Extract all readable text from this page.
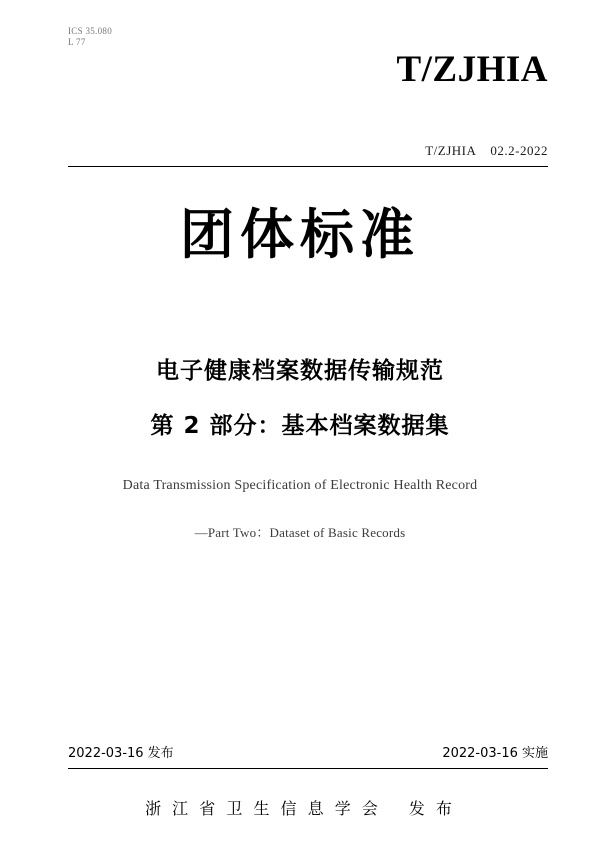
ICS 35.080
L 77
T/ZJHIA
T/ZJHIA 02.2-2022
团体标准
电子健康档案数据传输规范
第 2 部分：基本档案数据集
Data Transmission Specification of Electronic Health Record
—Part Two：Dataset of Basic Records
2022-03-16 发布	2022-03-16 实施
浙 江 省 卫 生 信 息 学 会 发 布
